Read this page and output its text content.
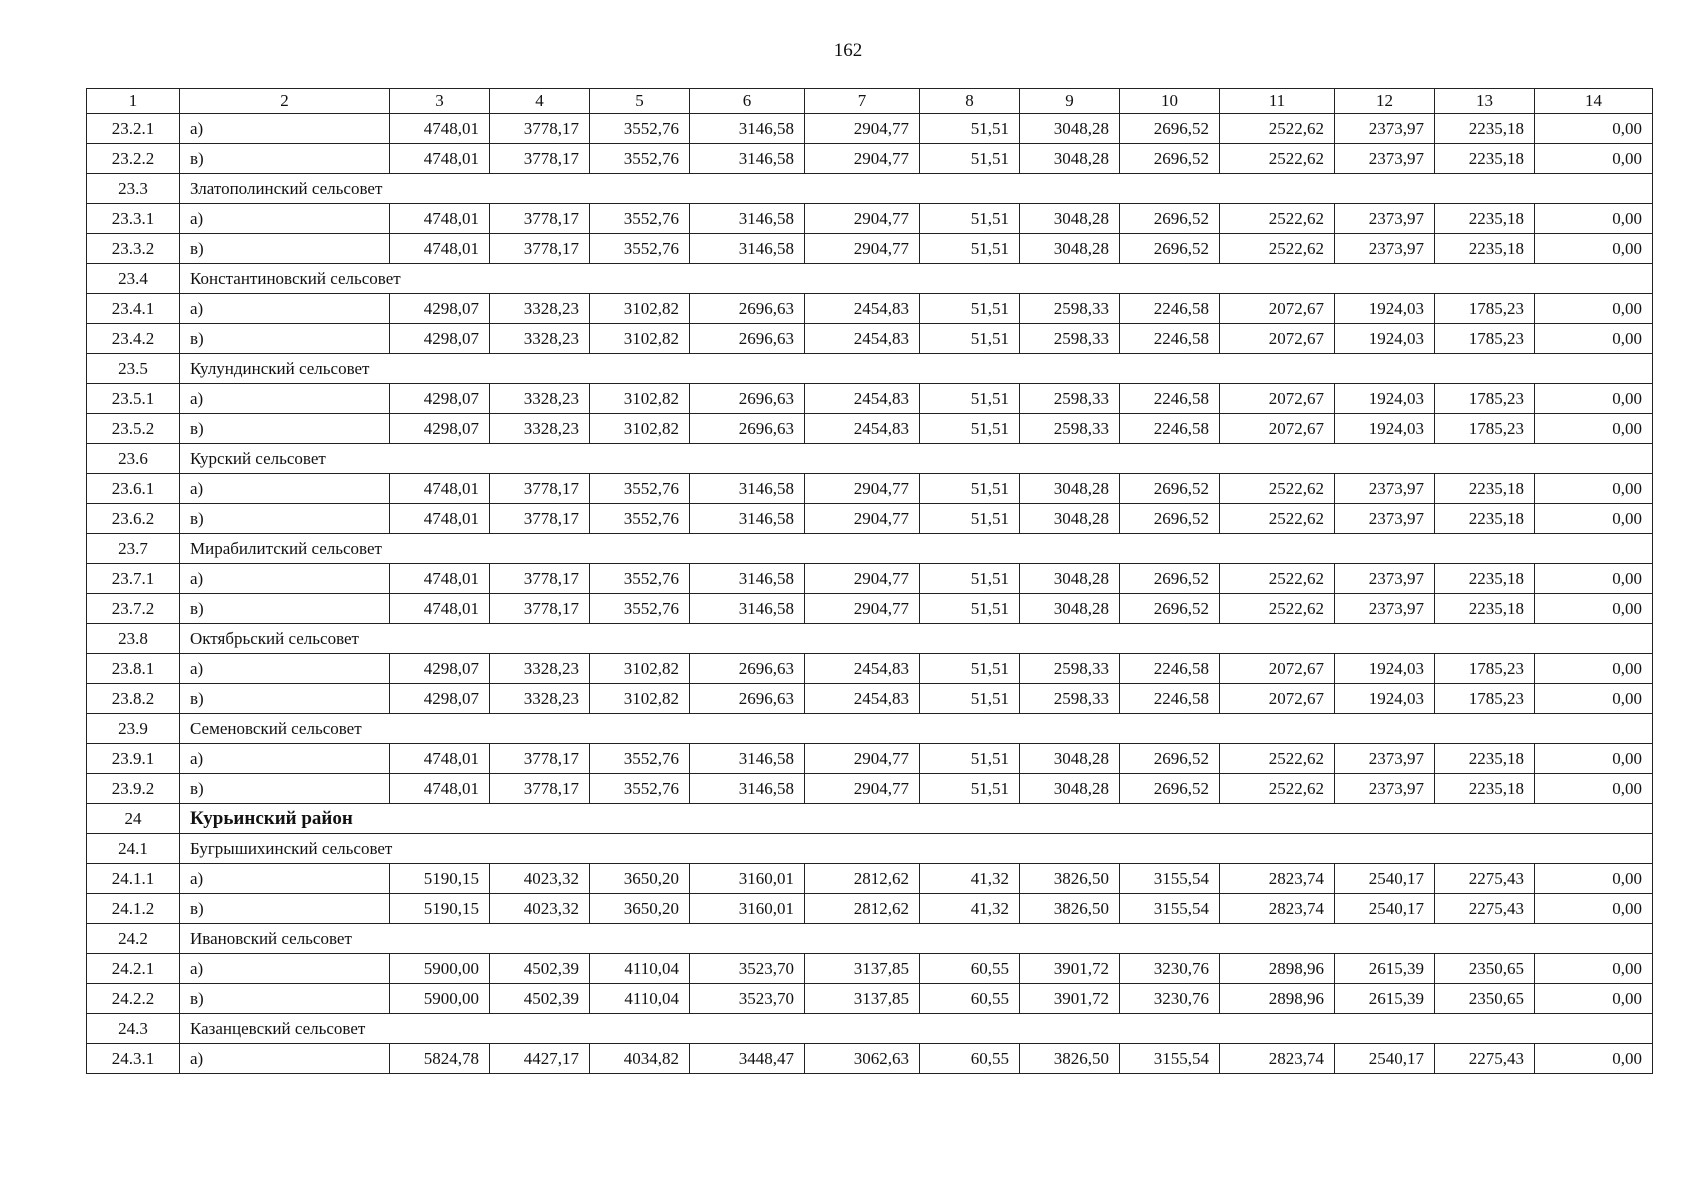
162
1	2	3	4	5	6	7	8	9	10	11	12	13	14
23.2.1	а)	4748,01	3778,17	3552,76	3146,58	2904,77	51,51	3048,28	2696,52	2522,62	2373,97	2235,18	0,00
23.2.2	в)	4748,01	3778,17	3552,76	3146,58	2904,77	51,51	3048,28	2696,52	2522,62	2373,97	2235,18	0,00
23.3	Златополинский сельсовет												
23.3.1	а)	4748,01	3778,17	3552,76	3146,58	2904,77	51,51	3048,28	2696,52	2522,62	2373,97	2235,18	0,00
23.3.2	в)	4748,01	3778,17	3552,76	3146,58	2904,77	51,51	3048,28	2696,52	2522,62	2373,97	2235,18	0,00
23.4	Константиновский сельсовет												
23.4.1	а)	4298,07	3328,23	3102,82	2696,63	2454,83	51,51	2598,33	2246,58	2072,67	1924,03	1785,23	0,00
23.4.2	в)	4298,07	3328,23	3102,82	2696,63	2454,83	51,51	2598,33	2246,58	2072,67	1924,03	1785,23	0,00
23.5	Кулундинский сельсовет												
23.5.1	а)	4298,07	3328,23	3102,82	2696,63	2454,83	51,51	2598,33	2246,58	2072,67	1924,03	1785,23	0,00
23.5.2	в)	4298,07	3328,23	3102,82	2696,63	2454,83	51,51	2598,33	2246,58	2072,67	1924,03	1785,23	0,00
23.6	Курский сельсовет												
23.6.1	а)	4748,01	3778,17	3552,76	3146,58	2904,77	51,51	3048,28	2696,52	2522,62	2373,97	2235,18	0,00
23.6.2	в)	4748,01	3778,17	3552,76	3146,58	2904,77	51,51	3048,28	2696,52	2522,62	2373,97	2235,18	0,00
23.7	Мирабилитский сельсовет												
23.7.1	а)	4748,01	3778,17	3552,76	3146,58	2904,77	51,51	3048,28	2696,52	2522,62	2373,97	2235,18	0,00
23.7.2	в)	4748,01	3778,17	3552,76	3146,58	2904,77	51,51	3048,28	2696,52	2522,62	2373,97	2235,18	0,00
23.8	Октябрьский сельсовет												
23.8.1	а)	4298,07	3328,23	3102,82	2696,63	2454,83	51,51	2598,33	2246,58	2072,67	1924,03	1785,23	0,00
23.8.2	в)	4298,07	3328,23	3102,82	2696,63	2454,83	51,51	2598,33	2246,58	2072,67	1924,03	1785,23	0,00
23.9	Семеновский сельсовет												
23.9.1	а)	4748,01	3778,17	3552,76	3146,58	2904,77	51,51	3048,28	2696,52	2522,62	2373,97	2235,18	0,00
23.9.2	в)	4748,01	3778,17	3552,76	3146,58	2904,77	51,51	3048,28	2696,52	2522,62	2373,97	2235,18	0,00
24	Курьинский район												
24.1	Бугрышихинский сельсовет												
24.1.1	а)	5190,15	4023,32	3650,20	3160,01	2812,62	41,32	3826,50	3155,54	2823,74	2540,17	2275,43	0,00
24.1.2	в)	5190,15	4023,32	3650,20	3160,01	2812,62	41,32	3826,50	3155,54	2823,74	2540,17	2275,43	0,00
24.2	Ивановский сельсовет												
24.2.1	а)	5900,00	4502,39	4110,04	3523,70	3137,85	60,55	3901,72	3230,76	2898,96	2615,39	2350,65	0,00
24.2.2	в)	5900,00	4502,39	4110,04	3523,70	3137,85	60,55	3901,72	3230,76	2898,96	2615,39	2350,65	0,00
24.3	Казанцевский сельсовет												
24.3.1	а)	5824,78	4427,17	4034,82	3448,47	3062,63	60,55	3826,50	3155,54	2823,74	2540,17	2275,43	0,00
